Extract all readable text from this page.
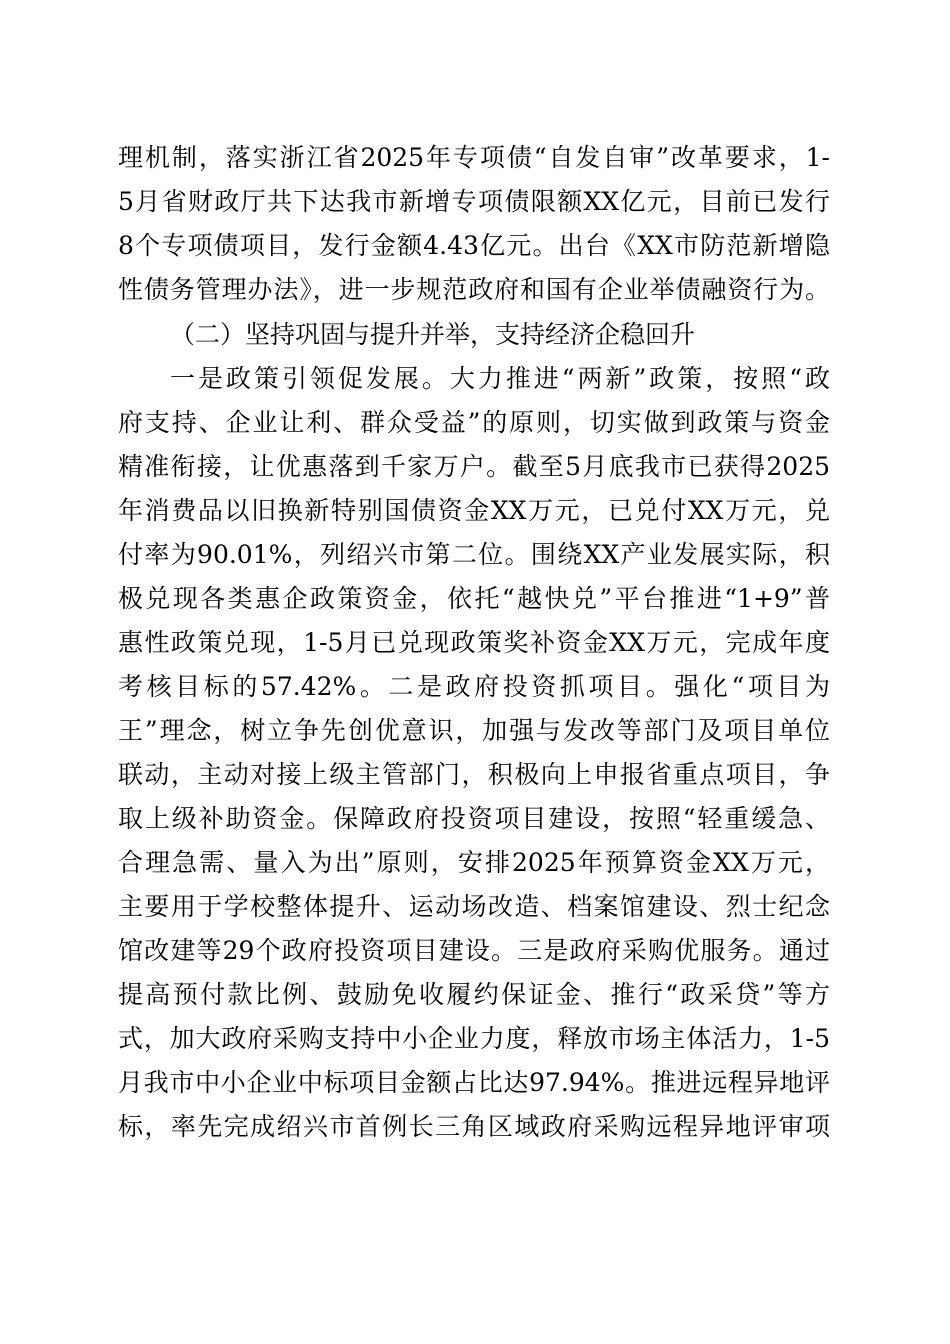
理机制，落实浙江省2025年专项债“自发自审”改革要求，1-
5月省财政厅共下达我市新增专项债限额XX亿元，目前已发行
8个专项债项目，发行金额4.43亿元。出台《XX市防范新增隐
性债务管理办法》，进一步规范政府和国有企业举债融资行为。
（二）坚持巩固与提升并举，支持经济企稳回升
一是政策引领促发展。大力推进“两新”政策，按照“政
府支持、企业让利、群众受益”的原则，切实做到政策与资金
精准衔接，让优惠落到千家万户。截至5月底我市已获得2025
年消费品以旧换新特别国债资金XX万元，已兑付XX万元，兑
付率为90.01%，列绍兴市第二位。围绕XX产业发展实际，积
极兑现各类惠企政策资金，依托“越快兑”平台推进“1+9”普
惠性政策兑现，1-5月已兑现政策奖补资金XX万元，完成年度
考核目标的57.42%。二是政府投资抓项目。强化“项目为
王”理念，树立争先创优意识，加强与发改等部门及项目单位
联动，主动对接上级主管部门，积极向上申报省重点项目，争
取上级补助资金。保障政府投资项目建设，按照“轻重缓急、
合理急需、量入为出”原则，安排2025年预算资金XX万元，
主要用于学校整体提升、运动场改造、档案馆建设、烈士纪念
馆改建等29个政府投资项目建设。三是政府采购优服务。通过
提高预付款比例、鼓励免收履约保证金、推行“政采贷”等方
式，加大政府采购支持中小企业力度，释放市场主体活力，1-5
月我市中小企业中标项目金额占比达97.94%。推进远程异地评
标，率先完成绍兴市首例长三角区域政府采购远程异地评审项
